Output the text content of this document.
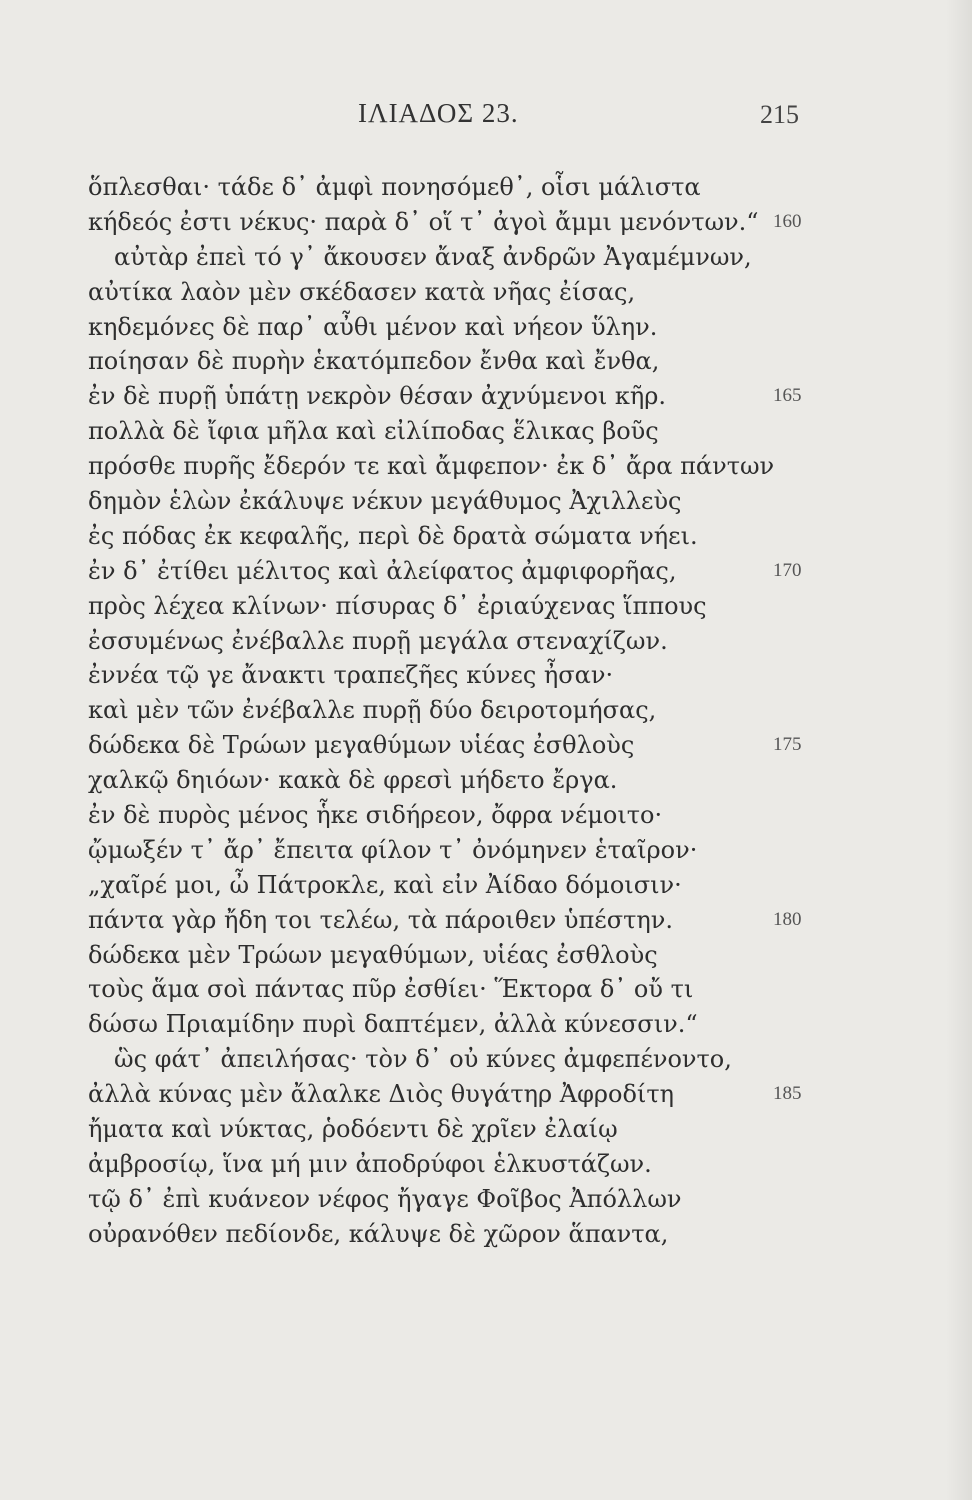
ΙΛΙΑΔΟΣ 23.	215
ὅπλεσθαι· τάδε δ᾽ ἀμφὶ πονησόμεθ᾽, οἷσι μάλιστα
κήδεός ἐστι νέκυς· παρὰ δ᾽ οἵ τ᾽ ἀγοὶ ἄμμι μενόντων.“ 160
αὐτὰρ ἐπεὶ τό γ᾽ ἄκουσεν ἄναξ ἀνδρῶν Ἀγαμέμνων,
αὐτίκα λαὸν μὲν σκέδασεν κατὰ νῆας ἐίσας,
κηδεμόνες δὲ παρ᾽ αὖθι μένον καὶ νήεον ὕλην.
ποίησαν δὲ πυρὴν ἑκατόμπεδον ἔνθα καὶ ἔνθα,
ἐν δὲ πυρῇ ὑπάτῃ νεκρὸν θέσαν ἀχνύμενοι κῆρ.	165
πολλὰ δὲ ἴφια μῆλα καὶ εἰλίποδας ἕλικας βοῦς
πρόσθε πυρῆς ἔδερόν τε καὶ ἄμφεπον· ἐκ δ᾽ ἄρα πάντων
δημὸν ἑλὼν ἐκάλυψε νέκυν μεγάθυμος Ἀχιλλεὺς
ἐς πόδας ἐκ κεφαλῆς, περὶ δὲ δρατὰ σώματα νήει.
ἐν δ᾽ ἐτίθει μέλιτος καὶ ἀλείφατος ἀμφιφορῆας,	170
πρὸς λέχεα κλίνων· πίσυρας δ᾽ ἐριαύχενας ἵππους
ἐσσυμένως ἐνέβαλλε πυρῇ μεγάλα στεναχίζων.
ἐννέα τῷ γε ἄνακτι τραπεζῆες κύνες ἦσαν·
καὶ μὲν τῶν ἐνέβαλλε πυρῇ δύο δειροτομήσας,
δώδεκα δὲ Τρώων μεγαθύμων υἱέας ἐσθλοὺς	175
χαλκῷ δηιόων· κακὰ δὲ φρεσὶ μήδετο ἔργα.
ἐν δὲ πυρὸς μένος ἧκε σιδήρεον, ὄφρα νέμοιτο·
ᾤμωξέν τ᾽ ἄρ᾽ ἔπειτα φίλον τ᾽ ὀνόμηνεν ἑταῖρον·
„χαῖρέ μοι, ὦ Πάτροκλε, καὶ εἰν Ἀίδαο δόμοισιν·
πάντα γὰρ ἤδη τοι τελέω, τὰ πάροιθεν ὑπέστην.	180
δώδεκα μὲν Τρώων μεγαθύμων, υἱέας ἐσθλοὺς
τοὺς ἅμα σοὶ πάντας πῦρ ἐσθίει· Ἕκτορα δ᾽ οὔ τι
δώσω Πριαμίδην πυρὶ δαπτέμεν, ἀλλὰ κύνεσσιν.“
ὣς φάτ᾽ ἀπειλήσας· τὸν δ᾽ οὐ κύνες ἀμφεπένοντο,
ἀλλὰ κύνας μὲν ἄλαλκε Διὸς θυγάτηρ Ἀφροδίτη	185
ἤματα καὶ νύκτας, ῥοδόεντι δὲ χρῖεν ἐλαίῳ
ἀμβροσίῳ, ἵνα μή μιν ἀποδρύφοι ἑλκυστάζων.
τῷ δ᾽ ἐπὶ κυάνεον νέφος ἤγαγε Φοῖβος Ἀπόλλων
οὐρανόθεν πεδίονδε, κάλυψε δὲ χῶρον ἅπαντα,
